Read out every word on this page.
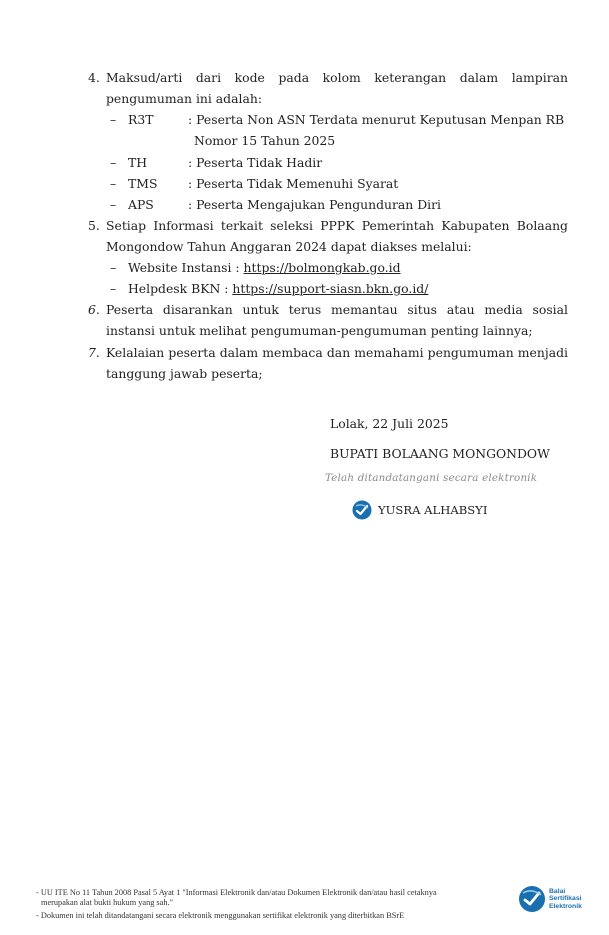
4. Maksud/arti dari kode pada kolom keterangan dalam lampiran pengumuman ini adalah:
– R3T	: Peserta Non ASN Terdata menurut Keputusan Menpan RB
Nomor 15 Tahun 2025
– TH	: Peserta Tidak Hadir
– TMS : Peserta Tidak Memenuhi Syarat
– APS	: Peserta Mengajukan Pengunduran Diri
5. Setiap Informasi terkait seleksi PPPK Pemerintah Kabupaten Bolaang Mongondow Tahun Anggaran 2024 dapat diakses melalui:
– Website Instansi : https://bolmongkab.go.id
– Helpdesk BKN : https://support-siasn.bkn.go.id/
6. Peserta disarankan untuk terus memantau situs atau media sosial instansi untuk melihat pengumuman-pengumuman penting lainnya;
7. Kelalaian peserta dalam membaca dan memahami pengumuman menjadi tanggung jawab peserta;
Lolak, 22 Juli 2025
BUPATI BOLAANG MONGONDOW
Telah ditandatangani secara elektronik
YUSRA ALHABSYI
- UU ITE No 11 Tahun 2008 Pasal 5 Ayat 1 "Informasi Elektronik dan/atau Dokumen Elektronik dan/atau hasil cetaknya
merupakan alat bukti hukum yang sah."
- Dokumen ini telah ditandatangani secara elektronik menggunakan sertifikat elektronik yang diterbitkan BSrE
Balai
Sertifikasi
Elektronik
